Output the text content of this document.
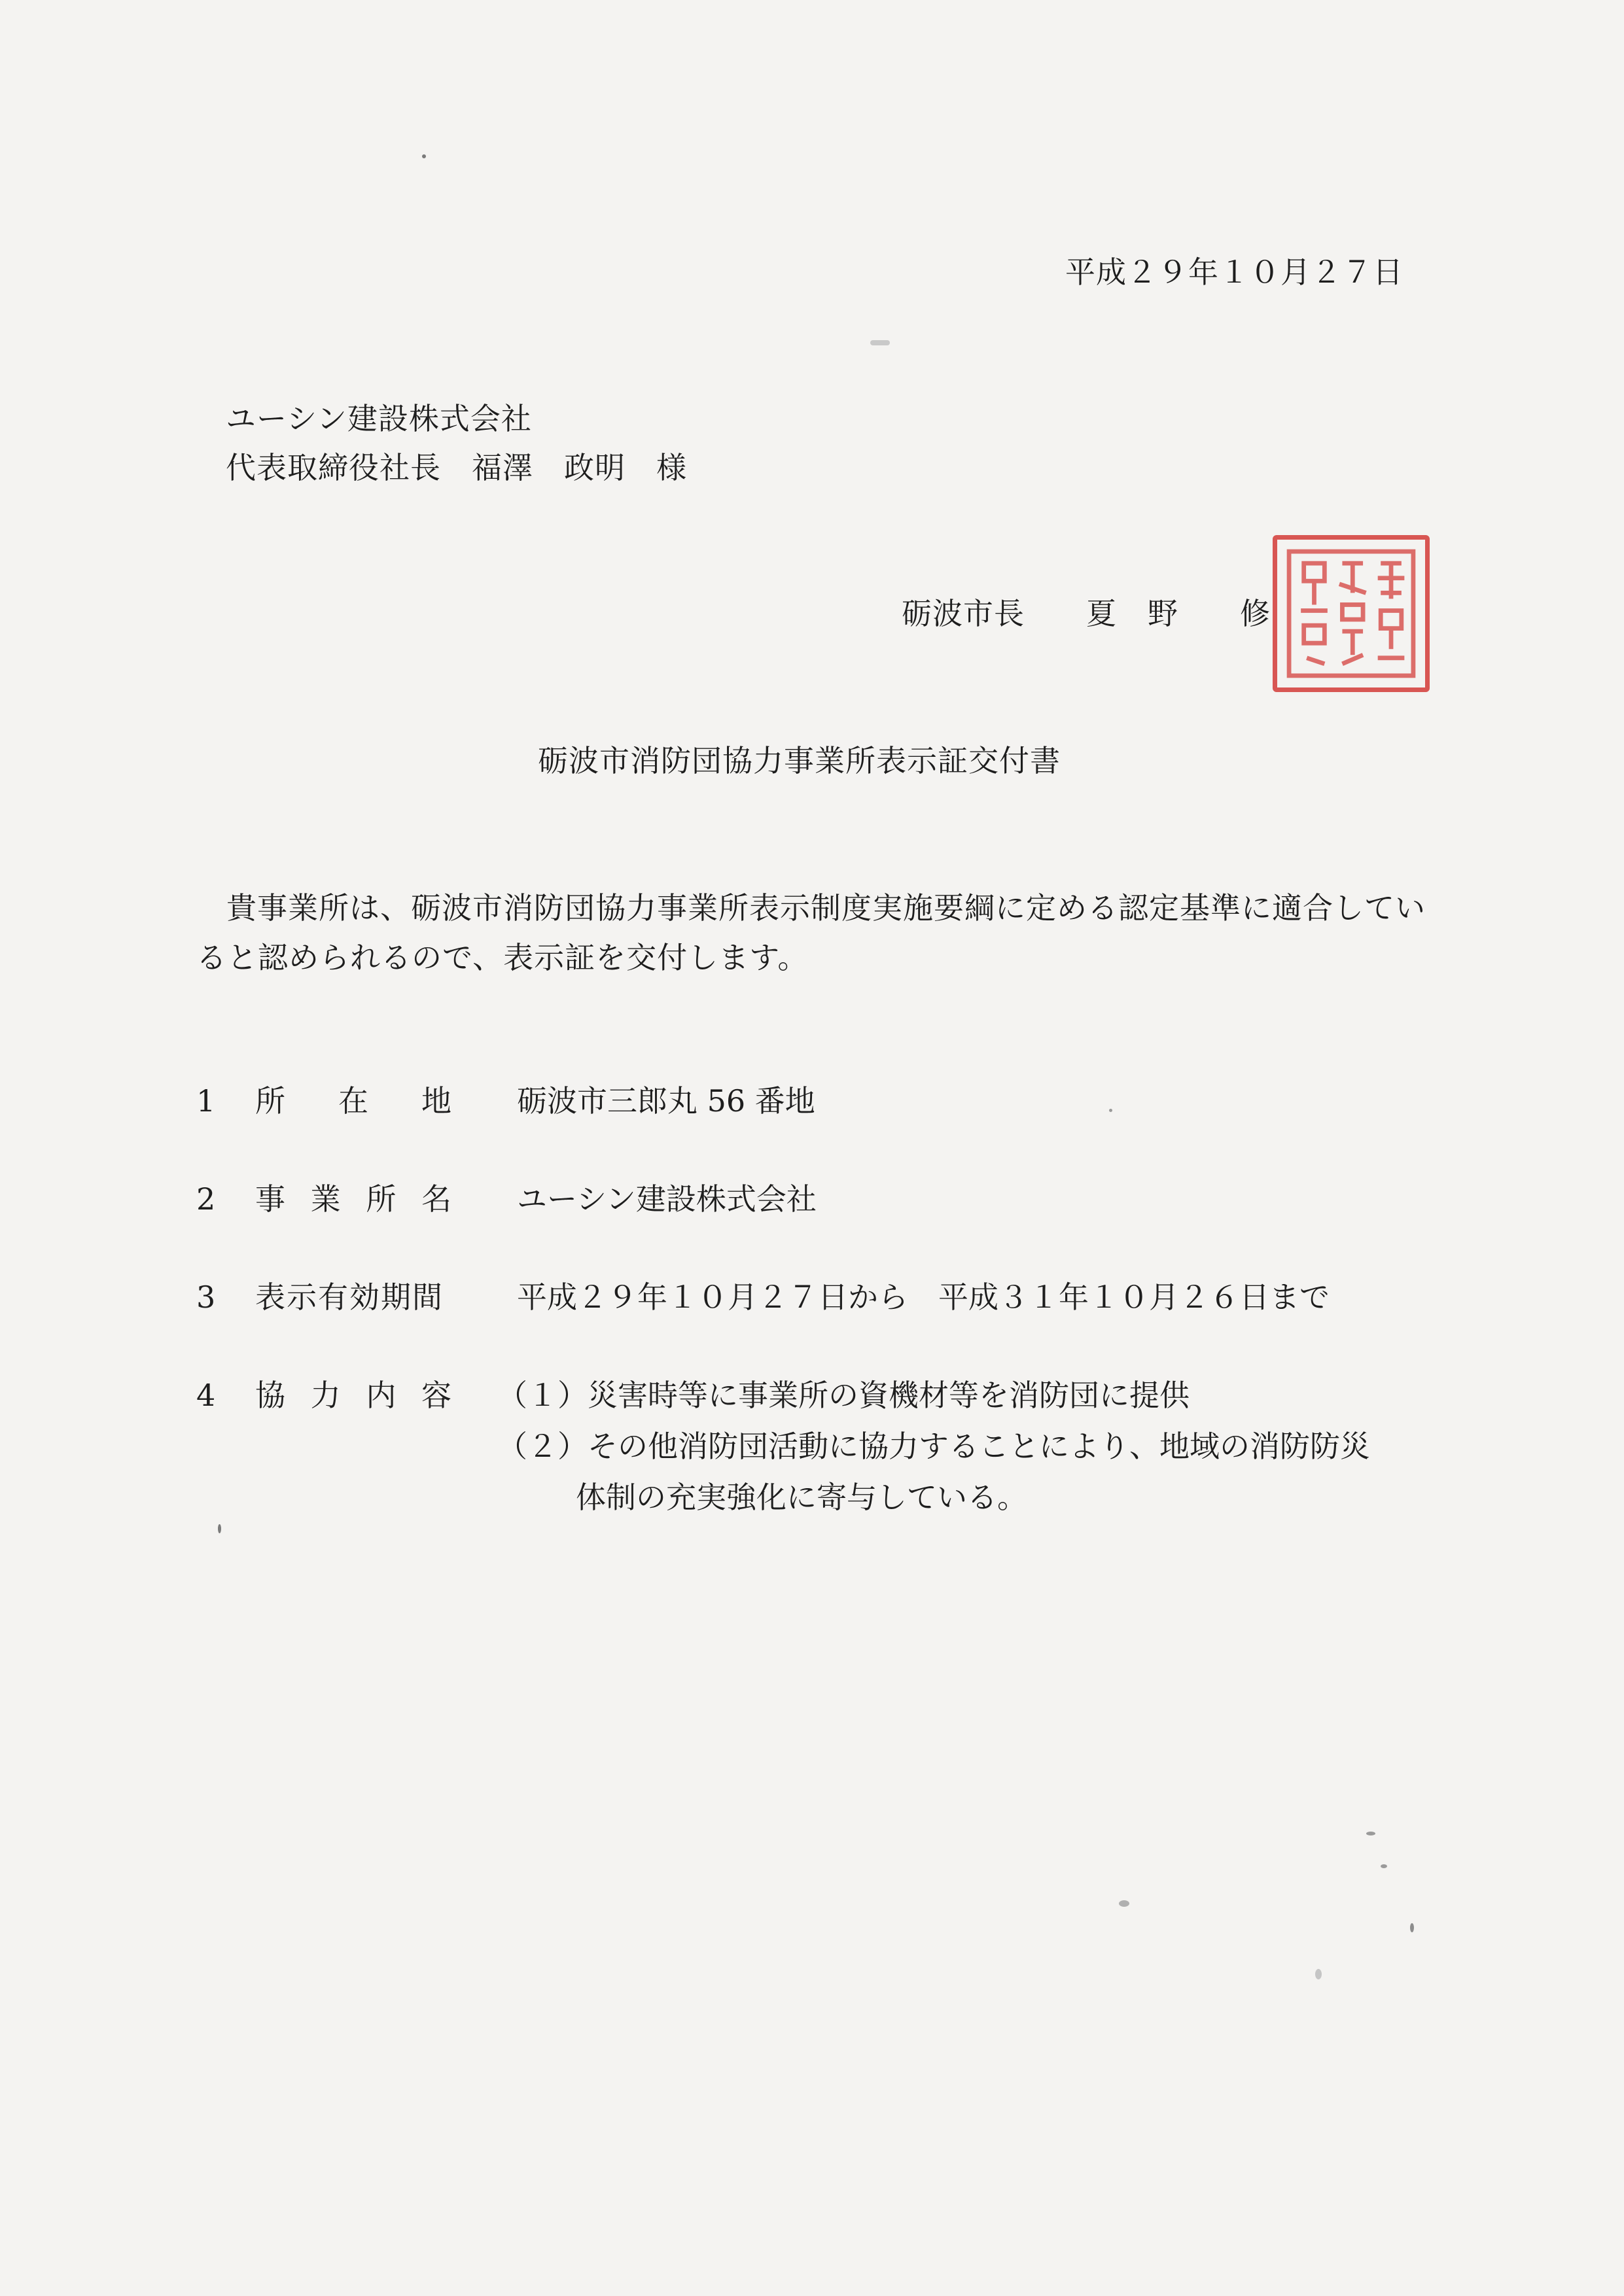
平成２９年１０月２７日
ユーシン建設株式会社
代表取締役社長　福澤　政明　様
砺波市長　　夏　野　　修
砺波市消防団協力事業所表示証交付書
貴事業所は、砺波市消防団協力事業所表示制度実施要綱に定める認定基準に適合していると認められるので、表示証を交付します。
1 所 在 地 砺波市三郎丸 56 番地
2 事 業 所 名 ユーシン建設株式会社
3 表示有効期間 平成２９年１０月２７日から　平成３１年１０月２６日まで
4 協 力 内 容 （１）災害時等に事業所の資機材等を消防団に提供
（２）その他消防団活動に協力することにより、地域の消防防災
体制の充実強化に寄与している。
